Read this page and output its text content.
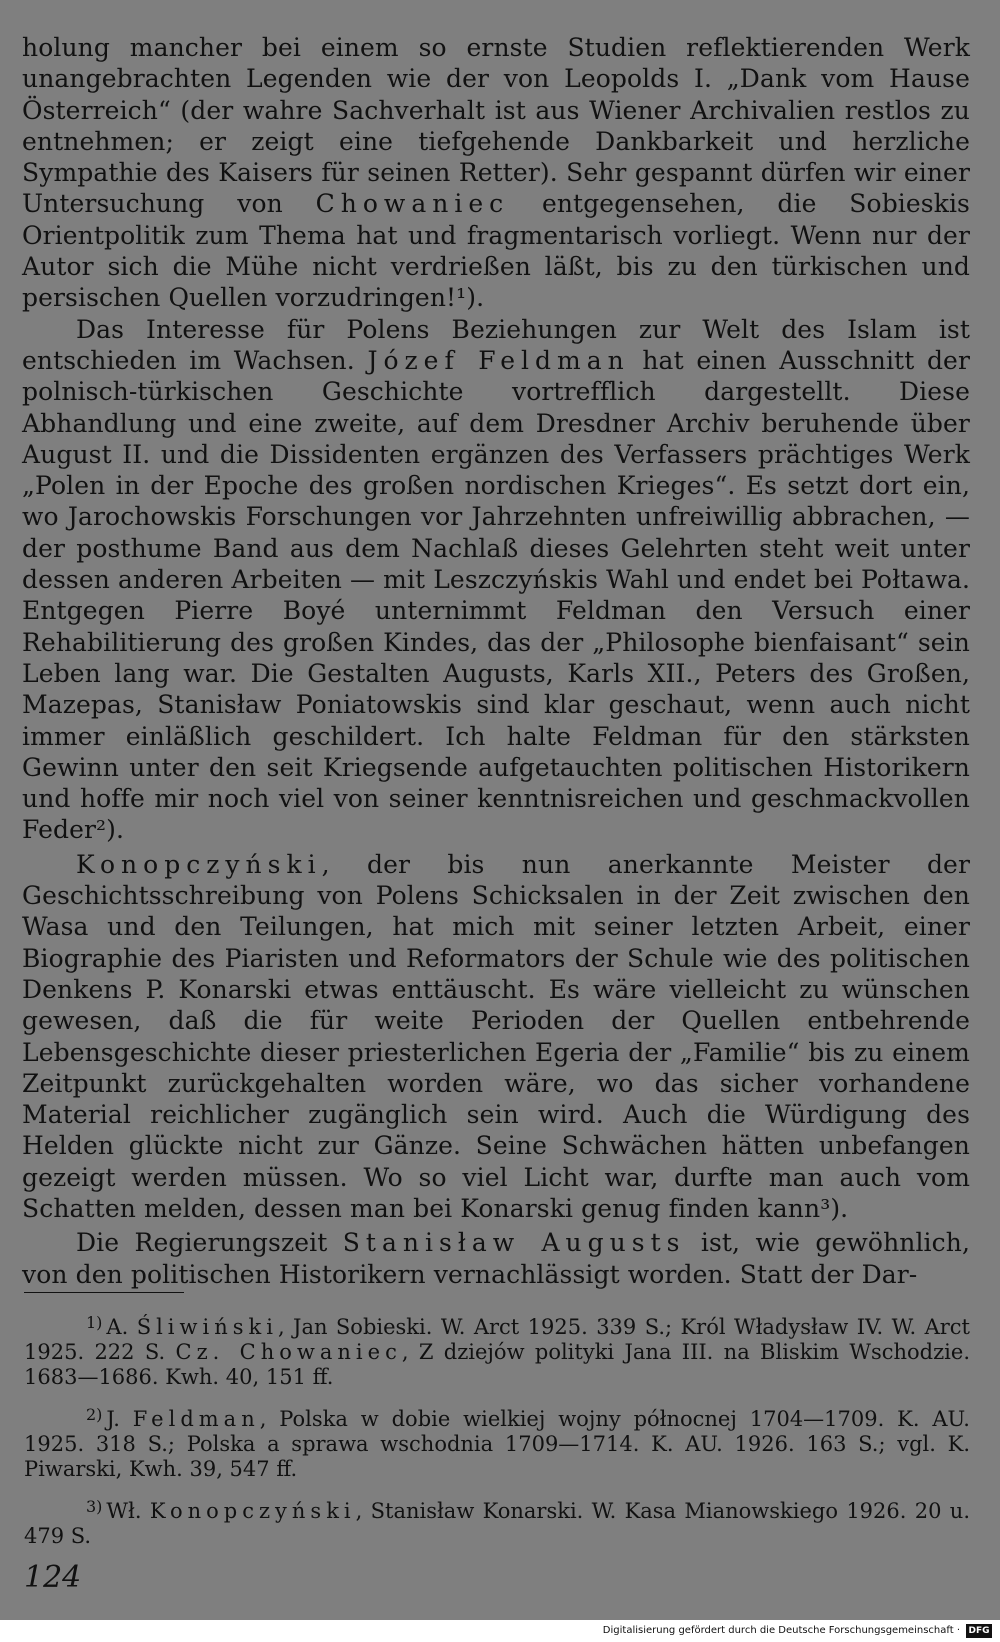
holung mancher bei einem so ernste Studien reflektierenden Werk unangebrachten Legenden wie der von Leopolds I. „Dank vom Hause Österreich“ (der wahre Sachverhalt ist aus Wiener Archivalien restlos zu entnehmen; er zeigt eine tiefgehende Dankbarkeit und herzliche Sympathie des Kaisers für seinen Retter). Sehr gespannt dürfen wir einer Untersuchung von Chowaniec entgegensehen, die Sobieskis Orientpolitik zum Thema hat und fragmentarisch vorliegt. Wenn nur der Autor sich die Mühe nicht verdrießen läßt, bis zu den türkischen und persischen Quellen vorzudringen!¹).

Das Interesse für Polens Beziehungen zur Welt des Islam ist entschieden im Wachsen. Józef Feldman hat einen Ausschnitt der polnisch-türkischen Geschichte vortrefflich dargestellt. Diese Abhandlung und eine zweite, auf dem Dresdner Archiv beruhende über August II. und die Dissidenten ergänzen des Verfassers prächtiges Werk „Polen in der Epoche des großen nordischen Krieges“. Es setzt dort ein, wo Jarochowskis Forschungen vor Jahrzehnten unfreiwillig abbrachen, — der posthume Band aus dem Nachlaß dieses Gelehrten steht weit unter dessen anderen Arbeiten — mit Leszczyńskis Wahl und endet bei Połtawa. Entgegen Pierre Boyé unternimmt Feldman den Versuch einer Rehabilitierung des großen Kindes, das der „Philosophe bienfaisant“ sein Leben lang war. Die Gestalten Augusts, Karls XII., Peters des Großen, Mazepas, Stanisław Poniatowskis sind klar geschaut, wenn auch nicht immer einläßlich geschildert. Ich halte Feldman für den stärksten Gewinn unter den seit Kriegsende aufgetauchten politischen Historikern und hoffe mir noch viel von seiner kenntnisreichen und geschmackvollen Feder²).

Konopczyński, der bis nun anerkannte Meister der Geschichtsschreibung von Polens Schicksalen in der Zeit zwischen den Wasa und den Teilungen, hat mich mit seiner letzten Arbeit, einer Biographie des Piaristen und Reformators der Schule wie des politischen Denkens P. Konarski etwas enttäuscht. Es wäre vielleicht zu wünschen gewesen, daß die für weite Perioden der Quellen entbehrende Lebensgeschichte dieser priesterlichen Egeria der „Familie“ bis zu einem Zeitpunkt zurückgehalten worden wäre, wo das sicher vorhandene Material reichlicher zugänglich sein wird. Auch die Würdigung des Helden glückte nicht zur Gänze. Seine Schwächen hätten unbefangen gezeigt werden müssen. Wo so viel Licht war, durfte man auch vom Schatten melden, dessen man bei Konarski genug finden kann³).

Die Regierungszeit Stanisław Augusts ist, wie gewöhnlich, von den politischen Historikern vernachlässigt worden. Statt der Dar-

$^{1)}$ A. Śliwiński, Jan Sobieski. W. Arct 1925. 339 S.; Król Władysław IV. W. Arct 1925. 222 S. Cz. Chowaniec, Z dziejów polityki Jana III. na Bliskim Wschodzie. 1683—1686. Kwh. 40, 151 ff.

$^{2)}$ J. Feldman, Polska w dobie wielkiej wojny północnej 1704—1709. K. AU. 1925. 318 S.; Polska a sprawa wschodnia 1709—1714. K. AU. 1926. 163 S.; vgl. K. Piwarski, Kwh. 39, 547 ff.

$^{3)}$ Wł. Konopczyński, Stanisław Konarski. W. Kasa Mianowskiego 1926. 20 u. 479 S.

124
Digitalisierung gefördert durch die Deutsche Forschungsgemeinschaft · DFG
